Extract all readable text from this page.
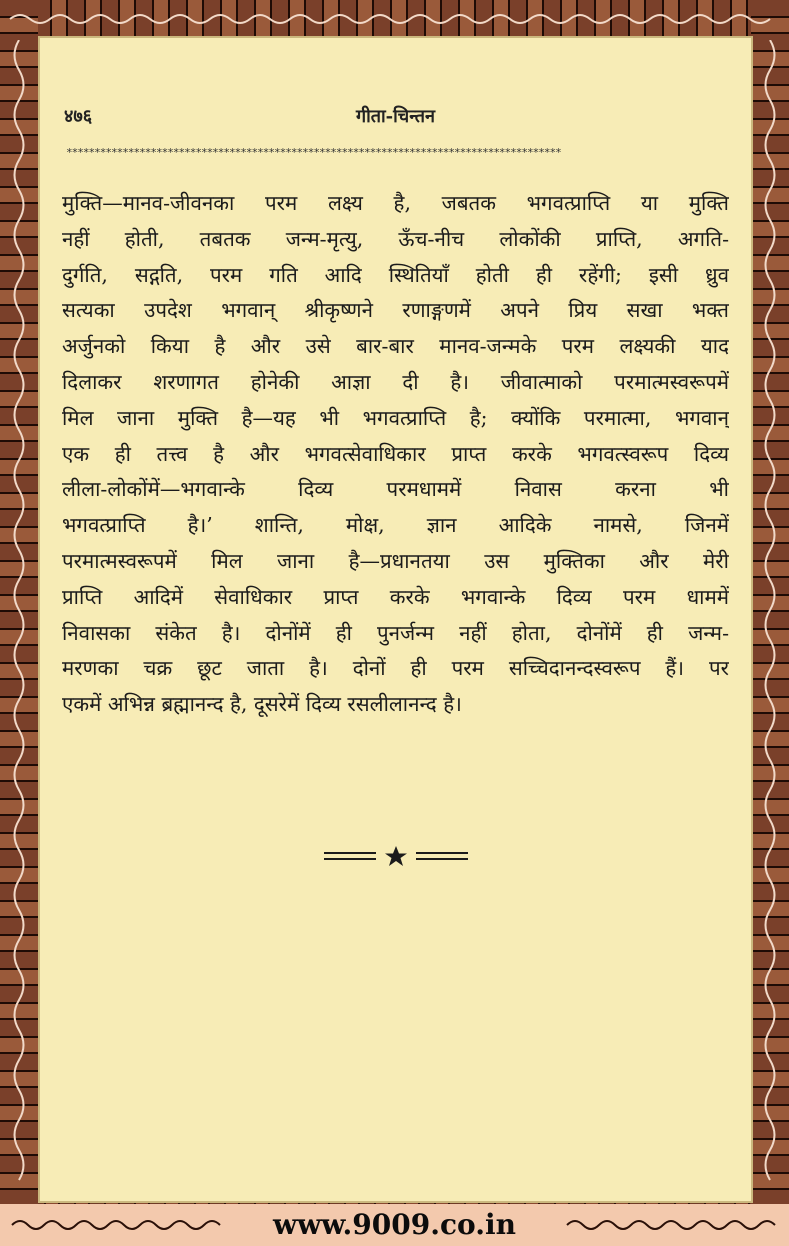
४७६	गीता-चिन्तन
****************************************************************************************
मुक्ति—मानव-जीवनका परम लक्ष्य है, जबतक भगवत्प्राप्ति या मुक्ति
नहीं होती, तबतक जन्म-मृत्यु, ऊँच-नीच लोकोंकी प्राप्ति, अगति-
दुर्गति, सद्गति, परम गति आदि स्थितियाँ होती ही रहेंगी; इसी ध्रुव
सत्यका उपदेश भगवान् श्रीकृष्णने रणाङ्गणमें अपने प्रिय सखा भक्त
अर्जुनको किया है और उसे बार-बार मानव-जन्मके परम लक्ष्यकी याद
दिलाकर शरणागत होनेकी आज्ञा दी है। जीवात्माको परमात्मस्वरूपमें
मिल जाना मुक्ति है—यह भी भगवत्प्राप्ति है; क्योंकि परमात्मा, भगवान्
एक ही तत्त्व है और भगवत्सेवाधिकार प्राप्त करके भगवत्स्वरूप दिव्य
लीला-लोकोंमें—भगवान्के दिव्य परमधाममें निवास करना भी
भगवत्प्राप्ति है।’ शान्ति, मोक्ष, ज्ञान आदिके नामसे, जिनमें
परमात्मस्वरूपमें मिल जाना है—प्रधानतया उस मुक्तिका और मेरी
प्राप्ति आदिमें सेवाधिकार प्राप्त करके भगवान्के दिव्य परम धाममें
निवासका संकेत है। दोनोंमें ही पुनर्जन्म नहीं होता, दोनोंमें ही जन्म-
मरणका चक्र छूट जाता है। दोनों ही परम सच्चिदानन्दस्वरूप हैं। पर
एकमें अभिन्न ब्रह्मानन्द है, दूसरेमें दिव्य रसलीलानन्द है।
www.9009.co.in
